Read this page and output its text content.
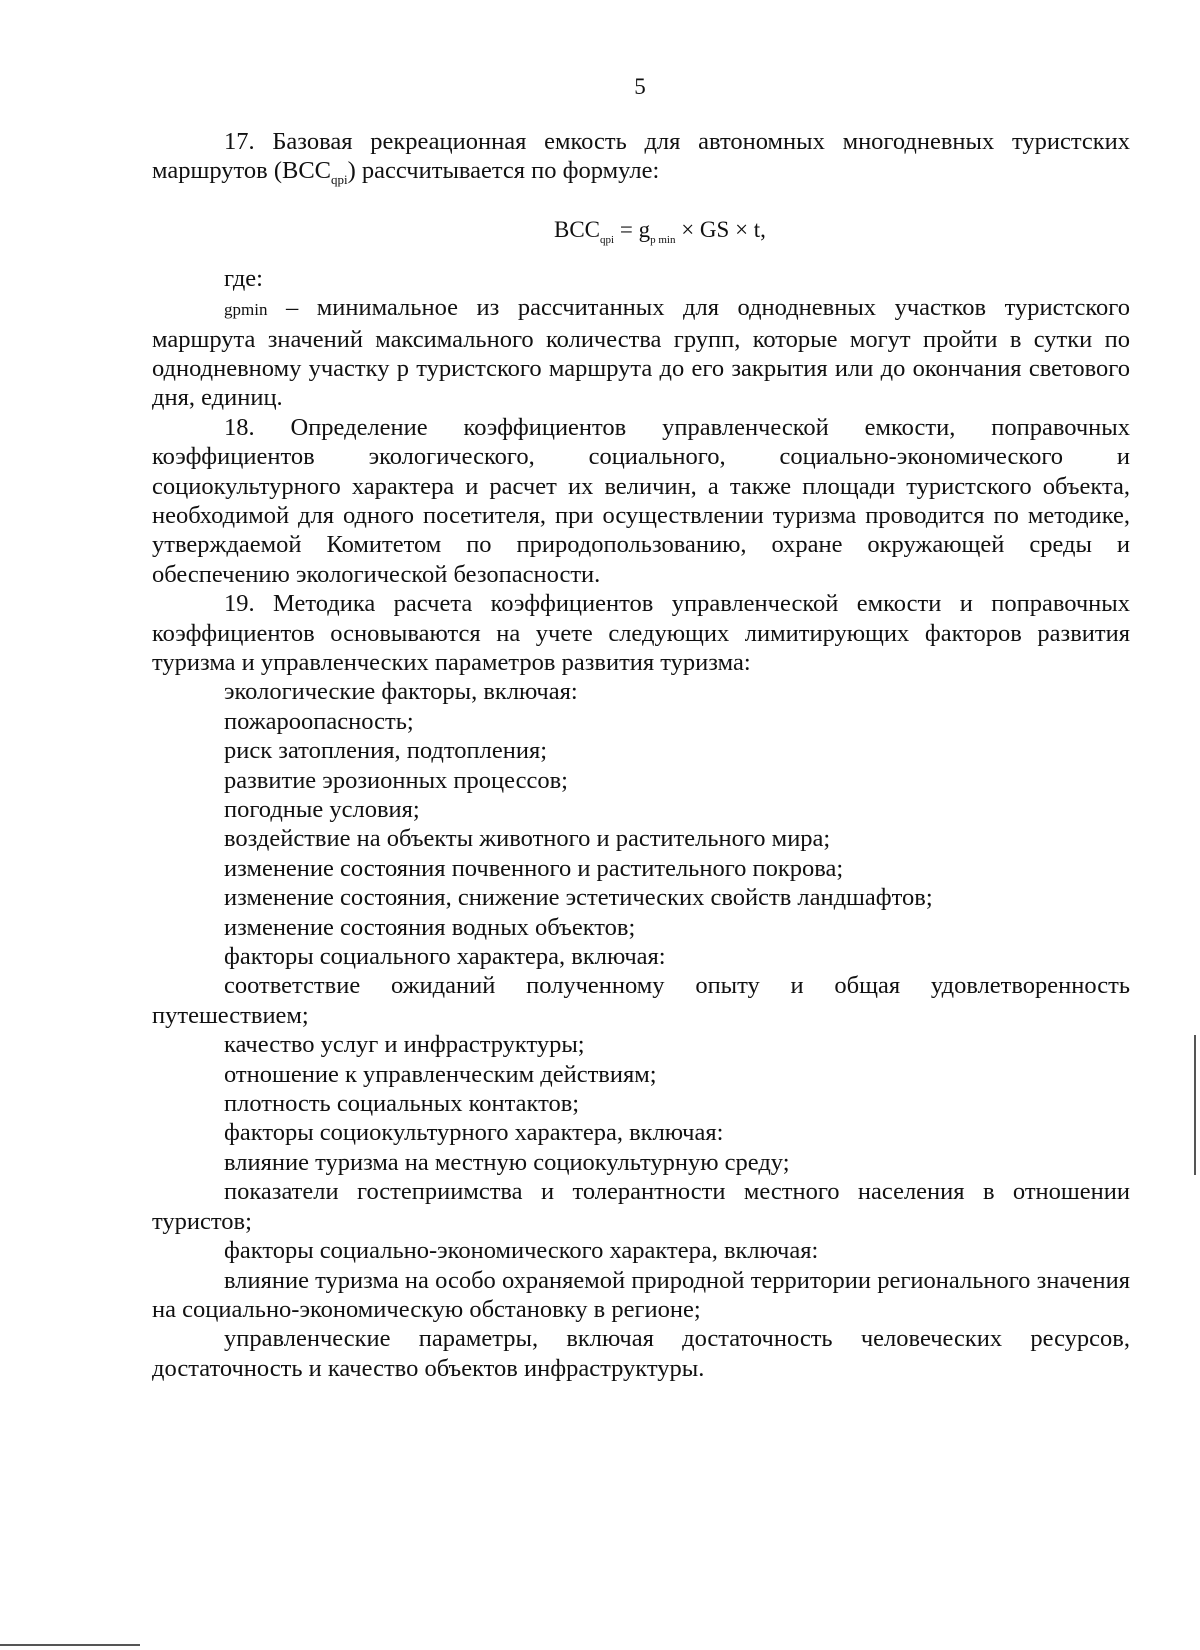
5

17. Базовая рекреационная емкость для автономных многодневных туристских маршрутов $(BCC_{qpi})$ рассчитывается по формуле:

$BCC_{qpi} = g_{p min}$ × GS × t,

где:

gpmin – минимальное из рассчитанных для однодневных участков туристского маршрута значений максимального количества групп, которые могут пройти в сутки по однодневному участку р туристского маршрута до его закрытия или до окончания светового дня, единиц.

18. Определение коэффициентов управленческой емкости, поправочных коэффициентов экологического, социального, социально-экономического и социокультурного характера и расчет их величин, а также площади туристского объекта, необходимой для одного посетителя, при осуществлении туризма проводится по методике, утверждаемой Комитетом по природопользованию, охране окружающей среды и обеспечению экологической безопасности.

19. Методика расчета коэффициентов управленческой емкости и поправочных коэффициентов основываются на учете следующих лимитирующих факторов развития туризма и управленческих параметров развития туризма:

экологические факторы, включая:

пожароопасность;

риск затопления, подтопления;

развитие эрозионных процессов;

погодные условия;

воздействие на объекты животного и растительного мира;

изменение состояния почвенного и растительного покрова;

изменение состояния, снижение эстетических свойств ландшафтов;

изменение состояния водных объектов;

факторы социального характера, включая:

соответствие ожиданий полученному опыту и общая удовлетворенность путешествием;

качество услуг и инфраструктуры;

отношение к управленческим действиям;

плотность социальных контактов;

факторы социокультурного характера, включая:

влияние туризма на местную социокультурную среду;

показатели гостеприимства и толерантности местного населения в отношении туристов;

факторы социально-экономического характера, включая:

влияние туризма на особо охраняемой природной территории регионального значения на социально-экономическую обстановку в регионе;

управленческие параметры, включая достаточность человеческих ресурсов, достаточность и качество объектов инфраструктуры.
